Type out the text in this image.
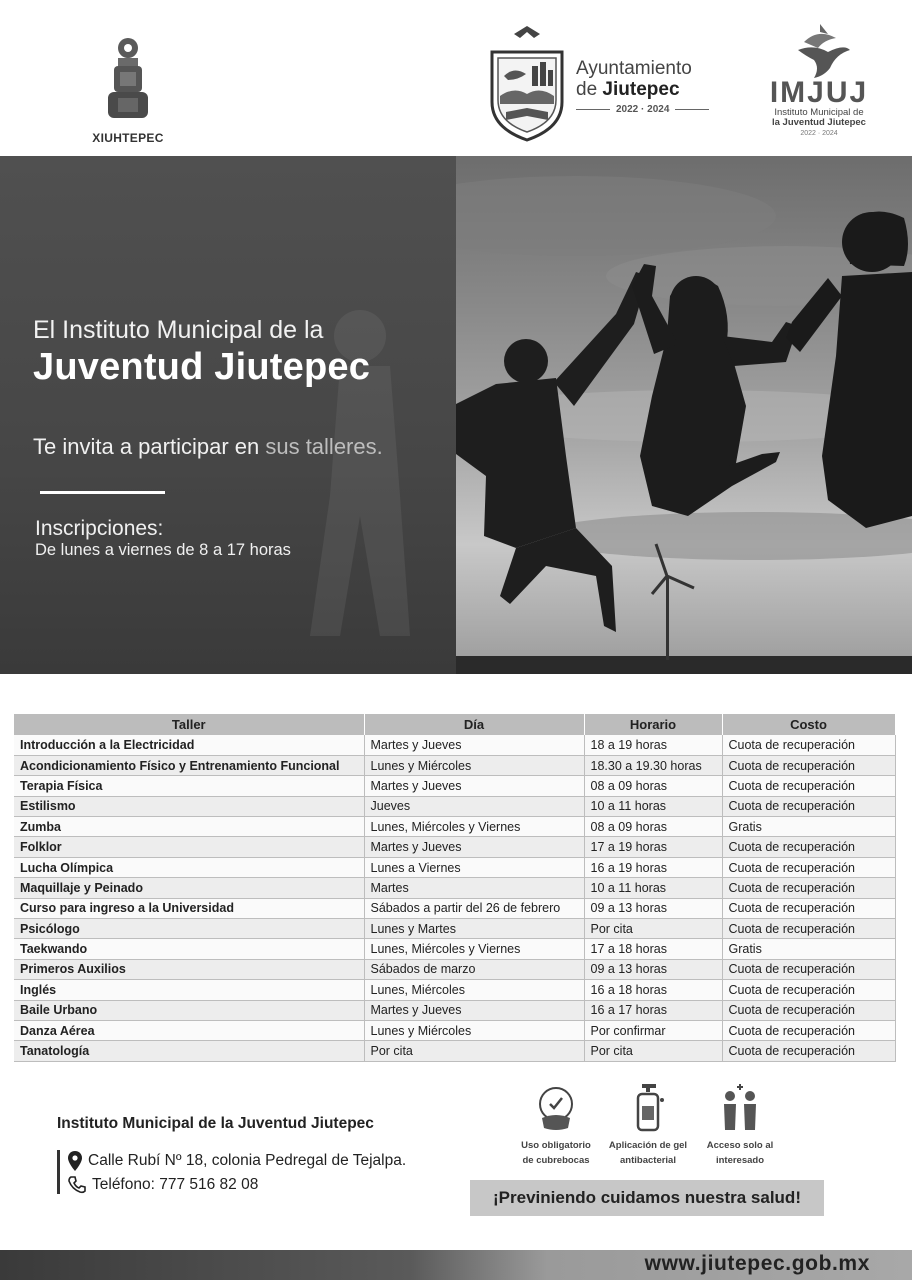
XIUHTEPEC
Ayuntamiento
de Jiutepec
2022 · 2024
IMJUJ
Instituto Municipal de
la Juventud Jiutepec
2022 · 2024
El Instituto Municipal de la
Juventud Jiutepec
Te invita a participar en sus talleres.
Inscripciones:
De lunes a viernes de 8 a 17 horas
Taller	Día	Horario	Costo
Introducción a la Electricidad	Martes y Jueves	18 a 19 horas	Cuota de recuperación
Acondicionamiento Físico y Entrenamiento Funcional	Lunes y Miércoles	18.30 a 19.30 horas	Cuota de recuperación
Terapia Física	Martes y Jueves	08 a 09 horas	Cuota de recuperación
Estilismo	Jueves	10 a 11 horas	Cuota de recuperación
Zumba	Lunes, Miércoles y Viernes	08 a 09 horas	Gratis
Folklor	Martes y Jueves	17 a 19 horas	Cuota de recuperación
Lucha Olímpica	Lunes a Viernes	16 a 19 horas	Cuota de recuperación
Maquillaje y Peinado	Martes	10 a 11 horas	Cuota de recuperación
Curso para ingreso a la Universidad	Sábados a partir del 26 de febrero	09 a 13 horas	Cuota de recuperación
Psicólogo	Lunes y Martes	Por cita	Cuota de recuperación
Taekwando	Lunes, Miércoles y Viernes	17 a 18 horas	Gratis
Primeros Auxilios	Sábados de marzo	09 a 13 horas	Cuota de recuperación
Inglés	Lunes, Miércoles	16 a 18 horas	Cuota de recuperación
Baile Urbano	Martes y Jueves	16 a 17 horas	Cuota de recuperación
Danza Aérea	Lunes y Miércoles	Por confirmar	Cuota de recuperación
Tanatología	Por cita	Por cita	Cuota de recuperación
Instituto Municipal de la Juventud Jiutepec
Calle Rubí Nº 18, colonia Pedregal de Tejalpa.
Teléfono: 777 516 82 08
Uso obligatorio
de cubrebocas
Aplicación de gel
antibacterial
Acceso solo al
interesado
¡Previniendo cuidamos nuestra salud!
www.jiutepec.gob.mx
